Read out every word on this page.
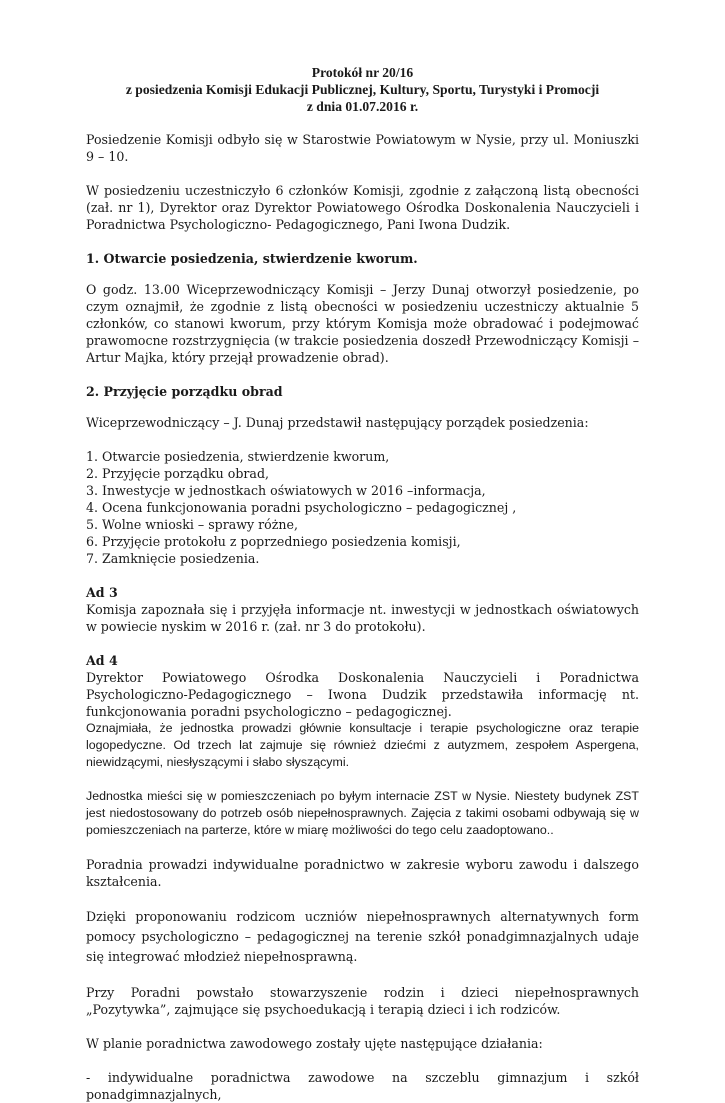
Protokół nr 20/16
z posiedzenia Komisji Edukacji Publicznej, Kultury, Sportu, Turystyki i Promocji
z dnia 01.07.2016 r.

Posiedzenie Komisji odbyło się w Starostwie Powiatowym w Nysie, przy ul. Moniuszki 9 – 10.

W posiedzeniu uczestniczyło 6 członków Komisji, zgodnie z załączoną listą obecności (zał. nr 1), Dyrektor oraz Dyrektor Powiatowego Ośrodka Doskonalenia Nauczycieli i Poradnictwa Psychologiczno- Pedagogicznego, Pani Iwona Dudzik.

1. Otwarcie posiedzenia, stwierdzenie kworum.

O godz. 13.00 Wiceprzewodniczący Komisji – Jerzy Dunaj otworzył posiedzenie, po czym oznajmił, że zgodnie z listą obecności w posiedzeniu uczestniczy aktualnie 5 członków, co stanowi kworum, przy którym Komisja może obradować i podejmować prawomocne rozstrzygnięcia (w trakcie posiedzenia doszedł Przewodniczący Komisji – Artur Majka, który przejął prowadzenie obrad).

2. Przyjęcie porządku obrad

Wiceprzewodniczący – J. Dunaj przedstawił następujący porządek posiedzenia:

1. Otwarcie posiedzenia, stwierdzenie kworum,
2. Przyjęcie porządku obrad,
3. Inwestycje w jednostkach oświatowych w 2016 –informacja,
4. Ocena funkcjonowania poradni psychologiczno – pedagogicznej ,
5. Wolne wnioski – sprawy różne,
6. Przyjęcie protokołu z poprzedniego posiedzenia komisji,
7. Zamknięcie posiedzenia.
Ad 3

Komisja zapoznała się i przyjęła informacje nt. inwestycji w jednostkach oświatowych w powiecie nyskim w 2016 r. (zał. nr 3 do protokołu).

Ad 4

Dyrektor Powiatowego Ośrodka Doskonalenia Nauczycieli i Poradnictwa Psychologiczno-Pedagogicznego – Iwona Dudzik przedstawiła informację nt. funkcjonowania poradni psychologiczno – pedagogicznej.

Oznajmiała, że jednostka prowadzi głównie konsultacje i terapie psychologiczne oraz terapie logopedyczne. Od trzech lat zajmuje się również dziećmi z autyzmem, zespołem Aspergena, niewidzącymi, niesłyszącymi i słabo słyszącymi.

Jednostka mieści się w pomieszczeniach po byłym internacie ZST w Nysie. Niestety budynek ZST jest niedostosowany do potrzeb osób niepełnosprawnych. Zajęcia z takimi osobami odbywają się w pomieszczeniach na parterze, które w miarę możliwości do tego celu zaadoptowano..

Poradnia prowadzi indywidualne poradnictwo w zakresie wyboru zawodu i dalszego kształcenia.

Dzięki proponowaniu rodzicom uczniów niepełnosprawnych alternatywnych form pomocy psychologiczno – pedagogicznej na terenie szkół ponadgimnazjalnych udaje się integrować młodzież niepełnosprawną.

Przy Poradni powstało stowarzyszenie rodzin i dzieci niepełnosprawnych „Pozytywka”, zajmujące się psychoedukacją i terapią dzieci i ich rodziców.

W planie poradnictwa zawodowego zostały ujęte następujące działania:

- indywidualne poradnictwa zawodowe na szczeblu gimnazjum i szkół ponadgimnazjalnych,
